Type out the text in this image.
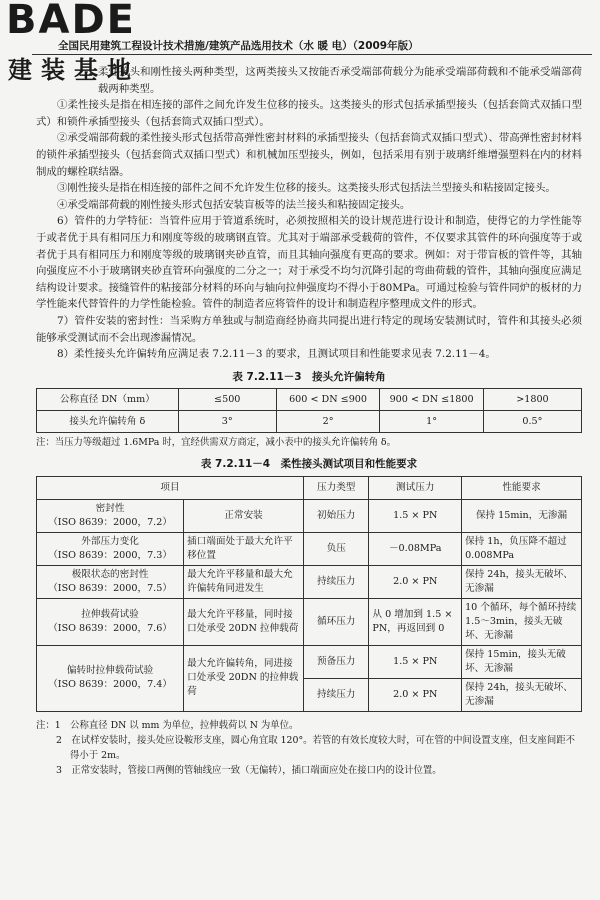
BADE
建装基地
全国民用建筑工程设计技术措施/建筑产品选用技术（水 暖 电）（2009年版）

柔性接头和刚性接头两种类型，这两类接头又按能否承受端部荷载分为能承受端部荷载和不能承受端部荷载两种类型。

①柔性接头是指在相连接的部件之间允许发生位移的接头。这类接头的形式包括承插型接头（包括套筒式双插口型式）和锁件承插型接头（包括套筒式双插口型式）。

②承受端部荷载的柔性接头形式包括带高弹性密封材料的承插型接头（包括套筒式双插口型式）、带高弹性密封材料的锁件承插型接头（包括套筒式双插口型式）和机械加压型接头，例如，包括采用有别于玻璃纤维增强塑料在内的材料制成的螺栓联结器。

③刚性接头是指在相连接的部件之间不允许发生位移的接头。这类接头形式包括法兰型接头和粘接固定接头。

④承受端部荷载的刚性接头形式包括安装盲板等的法兰接头和粘接固定接头。

6）管件的力学特征：当管件应用于管道系统时，必须按照相关的设计规范进行设计和制造，使得它的力学性能等于或者优于具有相同压力和刚度等级的玻璃钢直管。尤其对于端部承受载荷的管件，不仅要求其管件的环向强度等于或者优于具有相同压力和刚度等级的玻璃钢夹砂直管，而且其轴向强度有更高的要求。例如：对于带盲板的管件等，其轴向强度应不小于玻璃钢夹砂直管环向强度的二分之一；对于承受不均匀沉降引起的弯曲荷载的管件，其轴向强度应满足结构设计要求。接缝管件的粘接部分材料的环向与轴向拉伸强度均不得小于80MPa。可通过检验与管件同炉的板材的力学性能来代替管件的力学性能检验。管件的制造者应将管件的设计和制造程序整理成文件的形式。

7）管件安装的密封性：当采购方单独或与制造商经协商共同提出进行特定的现场安装测试时，管件和其接头必须能够承受测试而不会出现渗漏情况。

8）柔性接头允许偏转角应满足表 7.2.11－3 的要求，且测试项目和性能要求见表 7.2.11－4。

表 7.2.11－3　接头允许偏转角
公称直径 DN（mm）	≤500	600 < DN ≤900	900 < DN ≤1800	>1800
接头允许偏转角 δ	3°	2°	1°	0.5°
注：当压力等级超过 1.6MPa 时，宜经供需双方商定，减小表中的接头允许偏转角 δ。
表 7.2.11－4　柔性接头测试项目和性能要求
项目		压力类型	测试压力	性能要求

密封性
（ISO 8639：2000，7.2）	正常安装	初始压力	1.5 × PN	保持 15min，无渗漏

外部压力变化
（ISO 8639：2000，7.3）	插口端面处于最大允许平移位置	负压	－0.08MPa	保持 1h，负压降不超过 0.008MPa

极限状态的密封性
（ISO 8639：2000，7.5）	最大允许平移量和最大允许偏转角同进发生	持续压力	2.0 × PN	保持 24h，接头无破坏、无渗漏

拉伸载荷试验
（ISO 8639：2000，7.6）	最大允许平移量，同时接口处承受 20DN 拉伸载荷	循环压力	从 0 增加到 1.5 × PN，再返回到 0	10 个循环，每个循环持续 1.5～3min，接头无破坏、无渗漏

偏转时拉伸载荷试验
（ISO 8639：2000，7.4）	最大允许偏转角，同进接口处承受 20DN 的拉伸载荷	预备压力	1.5 × PN	保持 15min，接头无破坏、无渗漏
		持续压力	2.0 × PN	保持 24h，接头无破坏、无渗漏
注：1　公称直径 DN 以 mm 为单位，拉伸载荷以 N 为单位。
2　在试样安装时，接头处应设鞍形支座，圆心角宜取 120°。若管的有效长度较大时，可在管的中间设置支座，但支座间距不得小于 2m。
3　正常安装时，管接口两侧的管轴线应一致（无偏转），插口端面应处在接口内的设计位置。
